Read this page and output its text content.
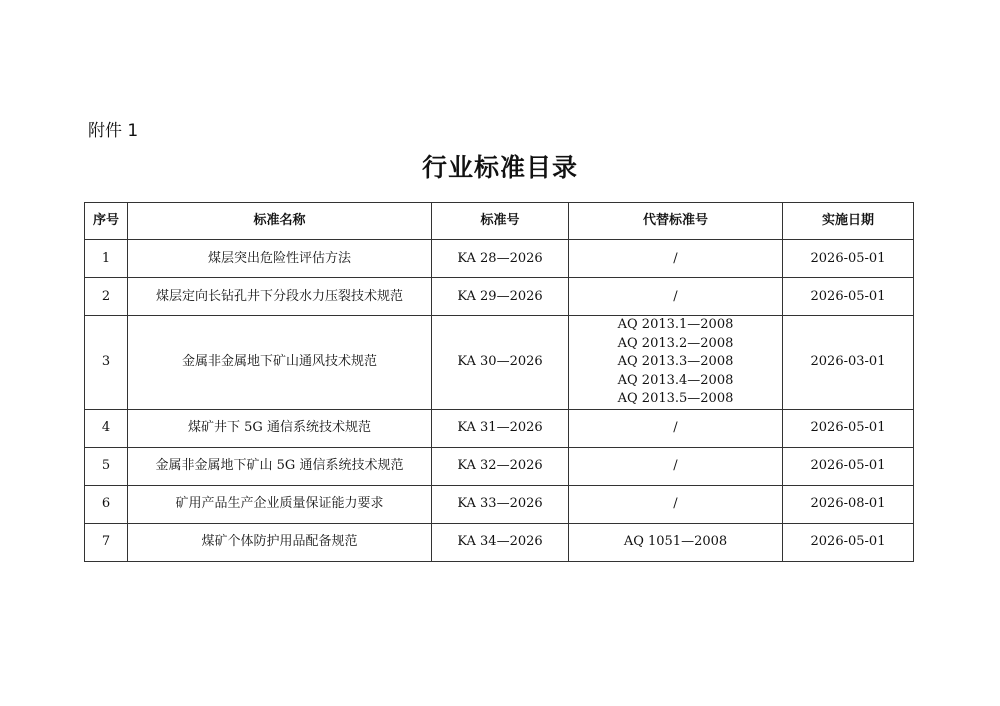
附件 1
行业标准目录
序号	标准名称	标准号	代替标准号	实施日期
1	煤层突出危险性评估方法	KA 28—2026	/	2026-05-01
2	煤层定向长钻孔井下分段水力压裂技术规范	KA 29—2026	/	2026-05-01
3	金属非金属地下矿山通风技术规范	KA 30—2026	AQ 2013.1—2008
AQ 2013.2—2008
AQ 2013.3—2008
AQ 2013.4—2008
AQ 2013.5—2008	2026-03-01
4	煤矿井下 5G 通信系统技术规范	KA 31—2026	/	2026-05-01
5	金属非金属地下矿山 5G 通信系统技术规范	KA 32—2026	/	2026-05-01
6	矿用产品生产企业质量保证能力要求	KA 33—2026	/	2026-08-01
7	煤矿个体防护用品配备规范	KA 34—2026	AQ 1051—2008	2026-05-01
